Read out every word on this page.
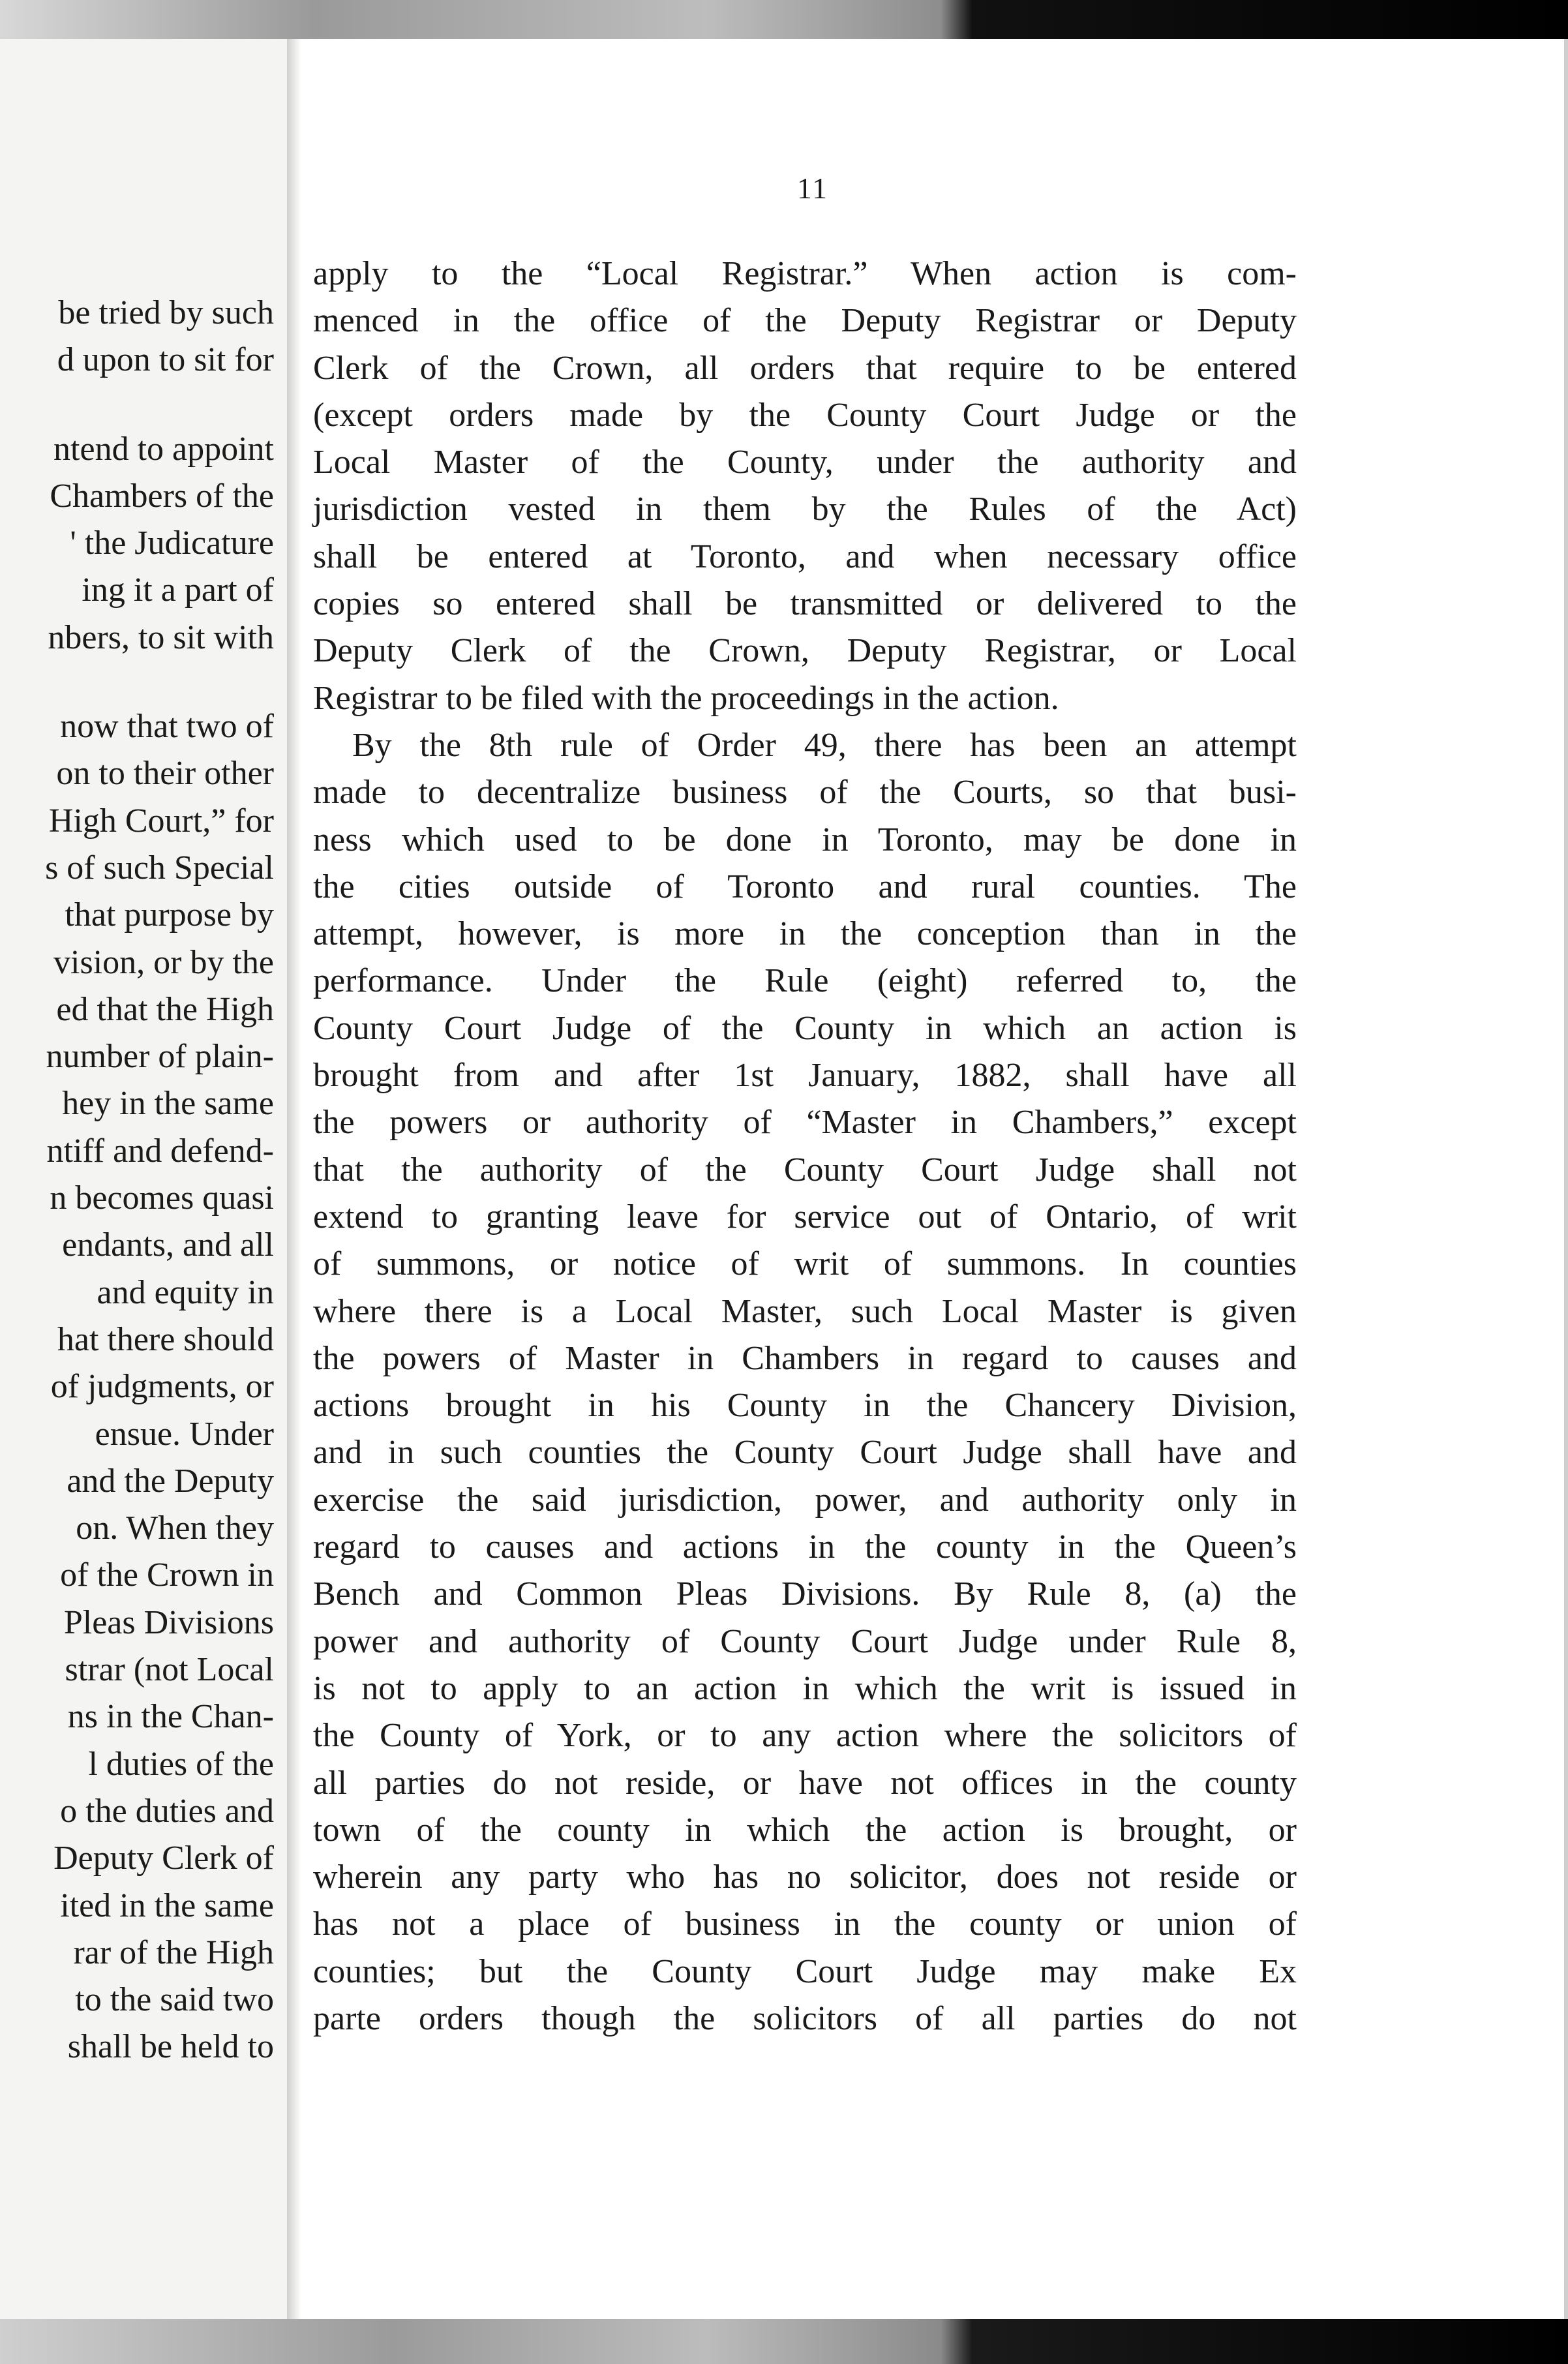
be tried by such
d upon to sit for
ntend to appoint
Chambers of the
' the Judicature
ing it a part of
nbers, to sit with
now that two of
on to their other
High Court,” for
s of such Special
that purpose by
vision, or by the
ed that the High
number of plain-
hey in the same
ntiff and defend-
n becomes quasi
endants, and all
and equity in
hat there should
of judgments, or
ensue. Under
and the Deputy
on. When they
of the Crown in
Pleas Divisions
strar (not Local
ns in the Chan-
l duties of the
o the duties and
Deputy Clerk of
ited in the same
rar of the High
to the said two
shall be held to
11
apply to the “Local Registrar.” When action is com-
menced in the office of the Deputy Registrar or Deputy
Clerk of the Crown, all orders that require to be entered
(except orders made by the County Court Judge or the
Local Master of the County, under the authority and
jurisdiction vested in them by the Rules of the Act)
shall be entered at Toronto, and when necessary office
copies so entered shall be transmitted or delivered to the
Deputy Clerk of the Crown, Deputy Registrar, or Local
Registrar to be filed with the proceedings in the action.
By the 8th rule of Order 49, there has been an attempt
made to decentralize business of the Courts, so that busi-
ness which used to be done in Toronto, may be done in
the cities outside of Toronto and rural counties. The
attempt, however, is more in the conception than in the
performance. Under the Rule (eight) referred to, the
County Court Judge of the County in which an action is
brought from and after 1st January, 1882, shall have all
the powers or authority of “Master in Chambers,” except
that the authority of the County Court Judge shall not
extend to granting leave for service out of Ontario, of writ
of summons, or notice of writ of summons. In counties
where there is a Local Master, such Local Master is given
the powers of Master in Chambers in regard to causes and
actions brought in his County in the Chancery Division,
and in such counties the County Court Judge shall have and
exercise the said jurisdiction, power, and authority only in
regard to causes and actions in the county in the Queen’s
Bench and Common Pleas Divisions. By Rule 8, (a) the
power and authority of County Court Judge under Rule 8,
is not to apply to an action in which the writ is issued in
the County of York, or to any action where the solicitors of
all parties do not reside, or have not offices in the county
town of the county in which the action is brought, or
wherein any party who has no solicitor, does not reside or
has not a place of business in the county or union of
counties; but the County Court Judge may make Ex
parte orders though the solicitors of all parties do not
